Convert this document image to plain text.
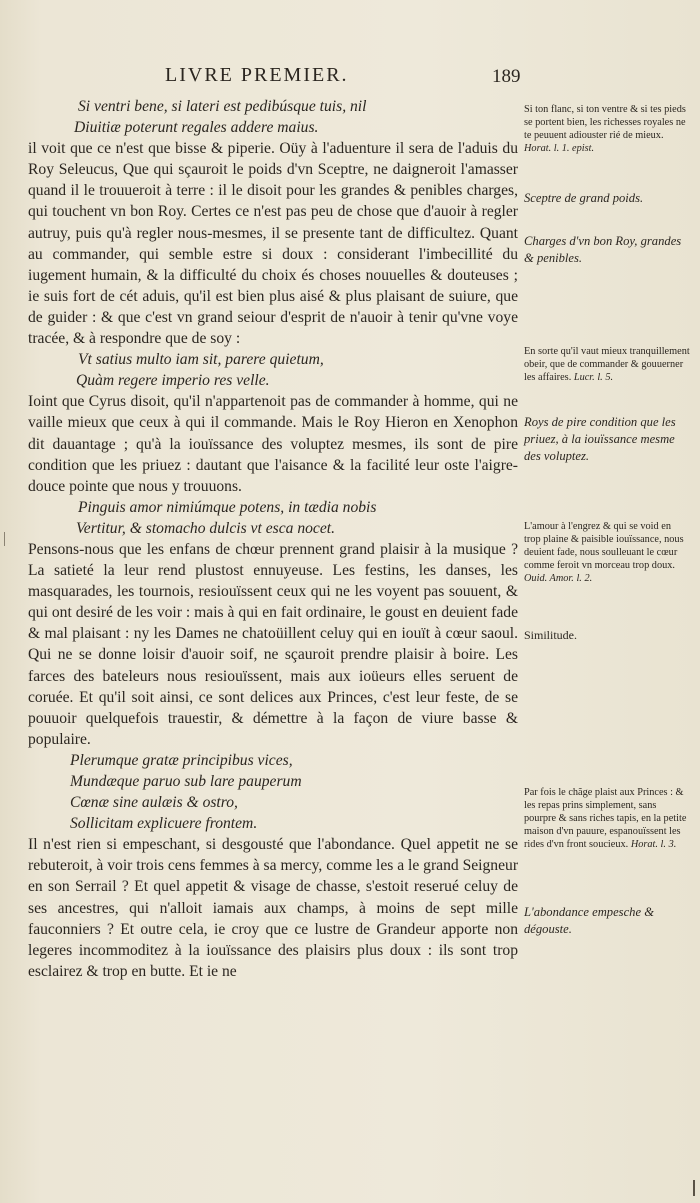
LIVRE PREMIER.	189
Si ventri bene, si lateri est pedibúsque tuis, nil
Diuitiæ poterunt regales addere maius.

il voit que ce n'est que bisse & piperie. Oüy à l'aduenture il sera de l'aduis du Roy Seleucus, Que qui sçauroit le poids d'vn Sceptre, ne daigneroit l'amasser quand il le trouueroit à terre : il le disoit pour les grandes & penibles charges, qui touchent vn bon Roy. Certes ce n'est pas peu de chose que d'auoir à regler autruy, puis qu'à regler nous-mesmes, il se presente tant de difficultez. Quant au commander, qui semble estre si doux : considerant l'imbecillité du iugement humain, & la difficulté du choix és choses nouuelles & douteuses ; ie suis fort de cét aduis, qu'il est bien plus aisé & plus plaisant de suiure, que de guider : & que c'est vn grand seiour d'esprit de n'auoir à tenir qu'vne voye tracée, & à respondre que de soy :

Vt satius multo iam sit, parere quietum,
Quàm regere imperio res velle.

Ioint que Cyrus disoit, qu'il n'appartenoit pas de commander à homme, qui ne vaille mieux que ceux à qui il commande. Mais le Roy Hieron en Xenophon dit dauantage ; qu'à la iouïssance des voluptez mesmes, ils sont de pire condition que les priuez : dautant que l'aisance & la facilité leur oste l'aigre-douce pointe que nous y trouuons.

Pinguis amor nimiúmque potens, in tædia nobis
Vertitur, & stomacho dulcis vt esca nocet.

Pensons-nous que les enfans de chœur prennent grand plaisir à la musique ? La satieté la leur rend plustost ennuyeuse. Les festins, les danses, les masquarades, les tournois, resiouïssent ceux qui ne les voyent pas souuent, & qui ont desiré de les voir : mais à qui en fait ordinaire, le goust en deuient fade & mal plaisant : ny les Dames ne chatoüillent celuy qui en iouït à cœur saoul. Qui ne se donne loisir d'auoir soif, ne sçauroit prendre plaisir à boire. Les farces des bateleurs nous resiouïssent, mais aux ioüeurs elles seruent de coruée. Et qu'il soit ainsi, ce sont delices aux Princes, c'est leur feste, de se pouuoir quelquefois trauestir, & démettre à la façon de viure basse & populaire.

Plerumque gratæ principibus vices,
Mundæque paruo sub lare pauperum
Cœnæ sine aulæis & ostro,
Sollicitam explicuere frontem.

Il n'est rien si empeschant, si desgousté que l'abondance. Quel appetit ne se rebuteroit, à voir trois cens femmes à sa mercy, comme les a le grand Seigneur en son Serrail ? Et quel appetit & visage de chasse, s'estoit reserué celuy de ses ancestres, qui n'alloit iamais aux champs, à moins de sept mille fauconniers ? Et outre cela, ie croy que ce lustre de Grandeur apporte non legeres incommoditez à la iouïssance des plaisirs plus doux : ils sont trop esclairez & trop en butte. Et ie ne

Si ton flanc, si ton ventre & si tes pieds se portent bien, les richesses royales ne te peuuent adiouster rié de mieux. Horat. l. 1. epist.
Sceptre de grand poids.
Charges d'vn bon Roy, grandes & penibles.
En sorte qu'il vaut mieux tranquillement obeir, que de commander & gouuerner les affaires. Lucr. l. 5.
Roys de pire condition que les priuez, à la iouïssance mesme des voluptez.
L'amour à l'engrez & qui se void en trop plaine & paisible iouïssance, nous deuient fade, nous soulleuant le cœur comme feroit vn morceau trop doux. Ouid. Amor. l. 2.
Similitude.
Par fois le chãge plaist aux Princes : & les repas prins simplement, sans pourpre & sans riches tapis, en la petite maison d'vn pauure, espanouïssent les rides d'vn front soucieux. Horat. l. 3.
L'abondance empesche & dégouste.
